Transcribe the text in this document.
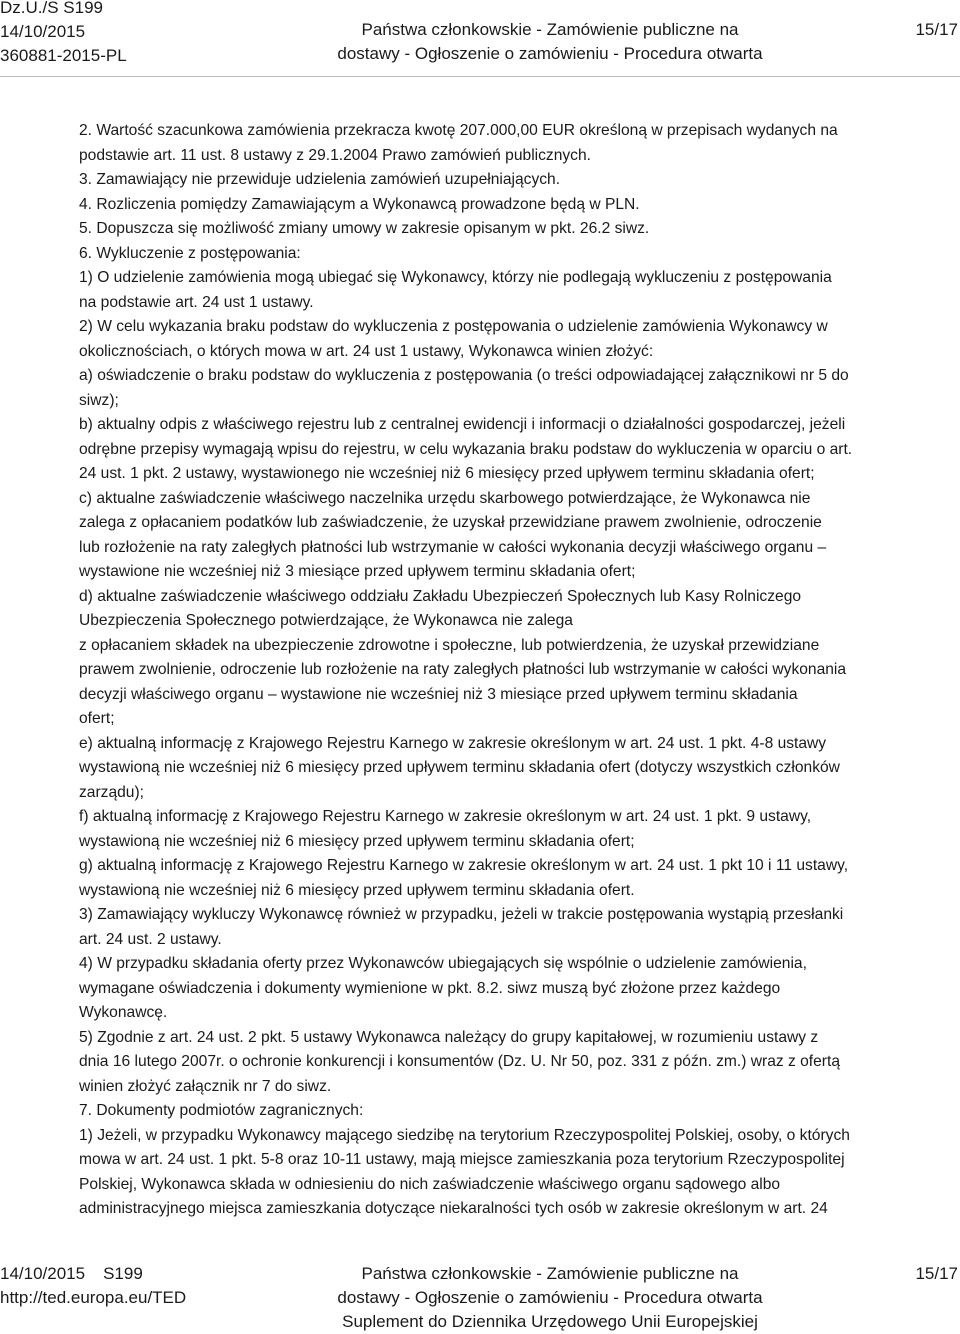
Dz.U./S S199
14/10/2015
360881-2015-PL
Państwa członkowskie - Zamówienie publiczne na
dostawy - Ogłoszenie o zamówieniu - Procedura otwarta
15/17

2. Wartość szacunkowa zamówienia przekracza kwotę 207.000,00 EUR określoną w przepisach wydanych na

podstawie art. 11 ust. 8 ustawy z 29.1.2004 Prawo zamówień publicznych.

3. Zamawiający nie przewiduje udzielenia zamówień uzupełniających.

4. Rozliczenia pomiędzy Zamawiającym a Wykonawcą prowadzone będą w PLN.

5. Dopuszcza się możliwość zmiany umowy w zakresie opisanym w pkt. 26.2 siwz.

6. Wykluczenie z postępowania:

1) O udzielenie zamówienia mogą ubiegać się Wykonawcy, którzy nie podlegają wykluczeniu z postępowania

na podstawie art. 24 ust 1 ustawy.

2) W celu wykazania braku podstaw do wykluczenia z postępowania o udzielenie zamówienia Wykonawcy w

okolicznościach, o których mowa w art. 24 ust 1 ustawy, Wykonawca winien złożyć:

a) oświadczenie o braku podstaw do wykluczenia z postępowania (o treści odpowiadającej załącznikowi nr 5 do

siwz);

b) aktualny odpis z właściwego rejestru lub z centralnej ewidencji i informacji o działalności gospodarczej, jeżeli

odrębne przepisy wymagają wpisu do rejestru, w celu wykazania braku podstaw do wykluczenia w oparciu o art.

24 ust. 1 pkt. 2 ustawy, wystawionego nie wcześniej niż 6 miesięcy przed upływem terminu składania ofert;

c) aktualne zaświadczenie właściwego naczelnika urzędu skarbowego potwierdzające, że Wykonawca nie

zalega z opłacaniem podatków lub zaświadczenie, że uzyskał przewidziane prawem zwolnienie, odroczenie

lub rozłożenie na raty zaległych płatności lub wstrzymanie w całości wykonania decyzji właściwego organu –

wystawione nie wcześniej niż 3 miesiące przed upływem terminu składania ofert;

d) aktualne zaświadczenie właściwego oddziału Zakładu Ubezpieczeń Społecznych lub Kasy Rolniczego

Ubezpieczenia Społecznego potwierdzające, że Wykonawca nie zalega

z opłacaniem składek na ubezpieczenie zdrowotne i społeczne, lub potwierdzenia, że uzyskał przewidziane

prawem zwolnienie, odroczenie lub rozłożenie na raty zaległych płatności lub wstrzymanie w całości wykonania

decyzji właściwego organu – wystawione nie wcześniej niż 3 miesiące przed upływem terminu składania

ofert;

e) aktualną informację z Krajowego Rejestru Karnego w zakresie określonym w art. 24 ust. 1 pkt. 4-8 ustawy

wystawioną nie wcześniej niż 6 miesięcy przed upływem terminu składania ofert (dotyczy wszystkich członków

zarządu);

f) aktualną informację z Krajowego Rejestru Karnego w zakresie określonym w art. 24 ust. 1 pkt. 9 ustawy,

wystawioną nie wcześniej niż 6 miesięcy przed upływem terminu składania ofert;

g) aktualną informację z Krajowego Rejestru Karnego w zakresie określonym w art. 24 ust. 1 pkt 10 i 11 ustawy,

wystawioną nie wcześniej niż 6 miesięcy przed upływem terminu składania ofert.

3) Zamawiający wykluczy Wykonawcę również w przypadku, jeżeli w trakcie postępowania wystąpią przesłanki

art. 24 ust. 2 ustawy.

4) W przypadku składania oferty przez Wykonawców ubiegających się wspólnie o udzielenie zamówienia,

wymagane oświadczenia i dokumenty wymienione w pkt. 8.2. siwz muszą być złożone przez każdego

Wykonawcę.

5) Zgodnie z art. 24 ust. 2 pkt. 5 ustawy Wykonawca należący do grupy kapitałowej, w rozumieniu ustawy z

dnia 16 lutego 2007r. o ochronie konkurencji i konsumentów (Dz. U. Nr 50, poz. 331 z późn. zm.) wraz z ofertą

winien złożyć załącznik nr 7 do siwz.

7. Dokumenty podmiotów zagranicznych:

1) Jeżeli, w przypadku Wykonawcy mającego siedzibę na terytorium Rzeczypospolitej Polskiej, osoby, o których

mowa w art. 24 ust. 1 pkt. 5-8 oraz 10-11 ustawy, mają miejsce zamieszkania poza terytorium Rzeczypospolitej

Polskiej, Wykonawca składa w odniesieniu do nich zaświadczenie właściwego organu sądowego albo

administracyjnego miejsca zamieszkania dotyczące niekaralności tych osób w zakresie określonym w art. 24

14/10/2015 S199
http://ted.europa.eu/TED
Państwa członkowskie - Zamówienie publiczne na
dostawy - Ogłoszenie o zamówieniu - Procedura otwarta
Suplement do Dziennika Urzędowego Unii Europejskiej
15/17
